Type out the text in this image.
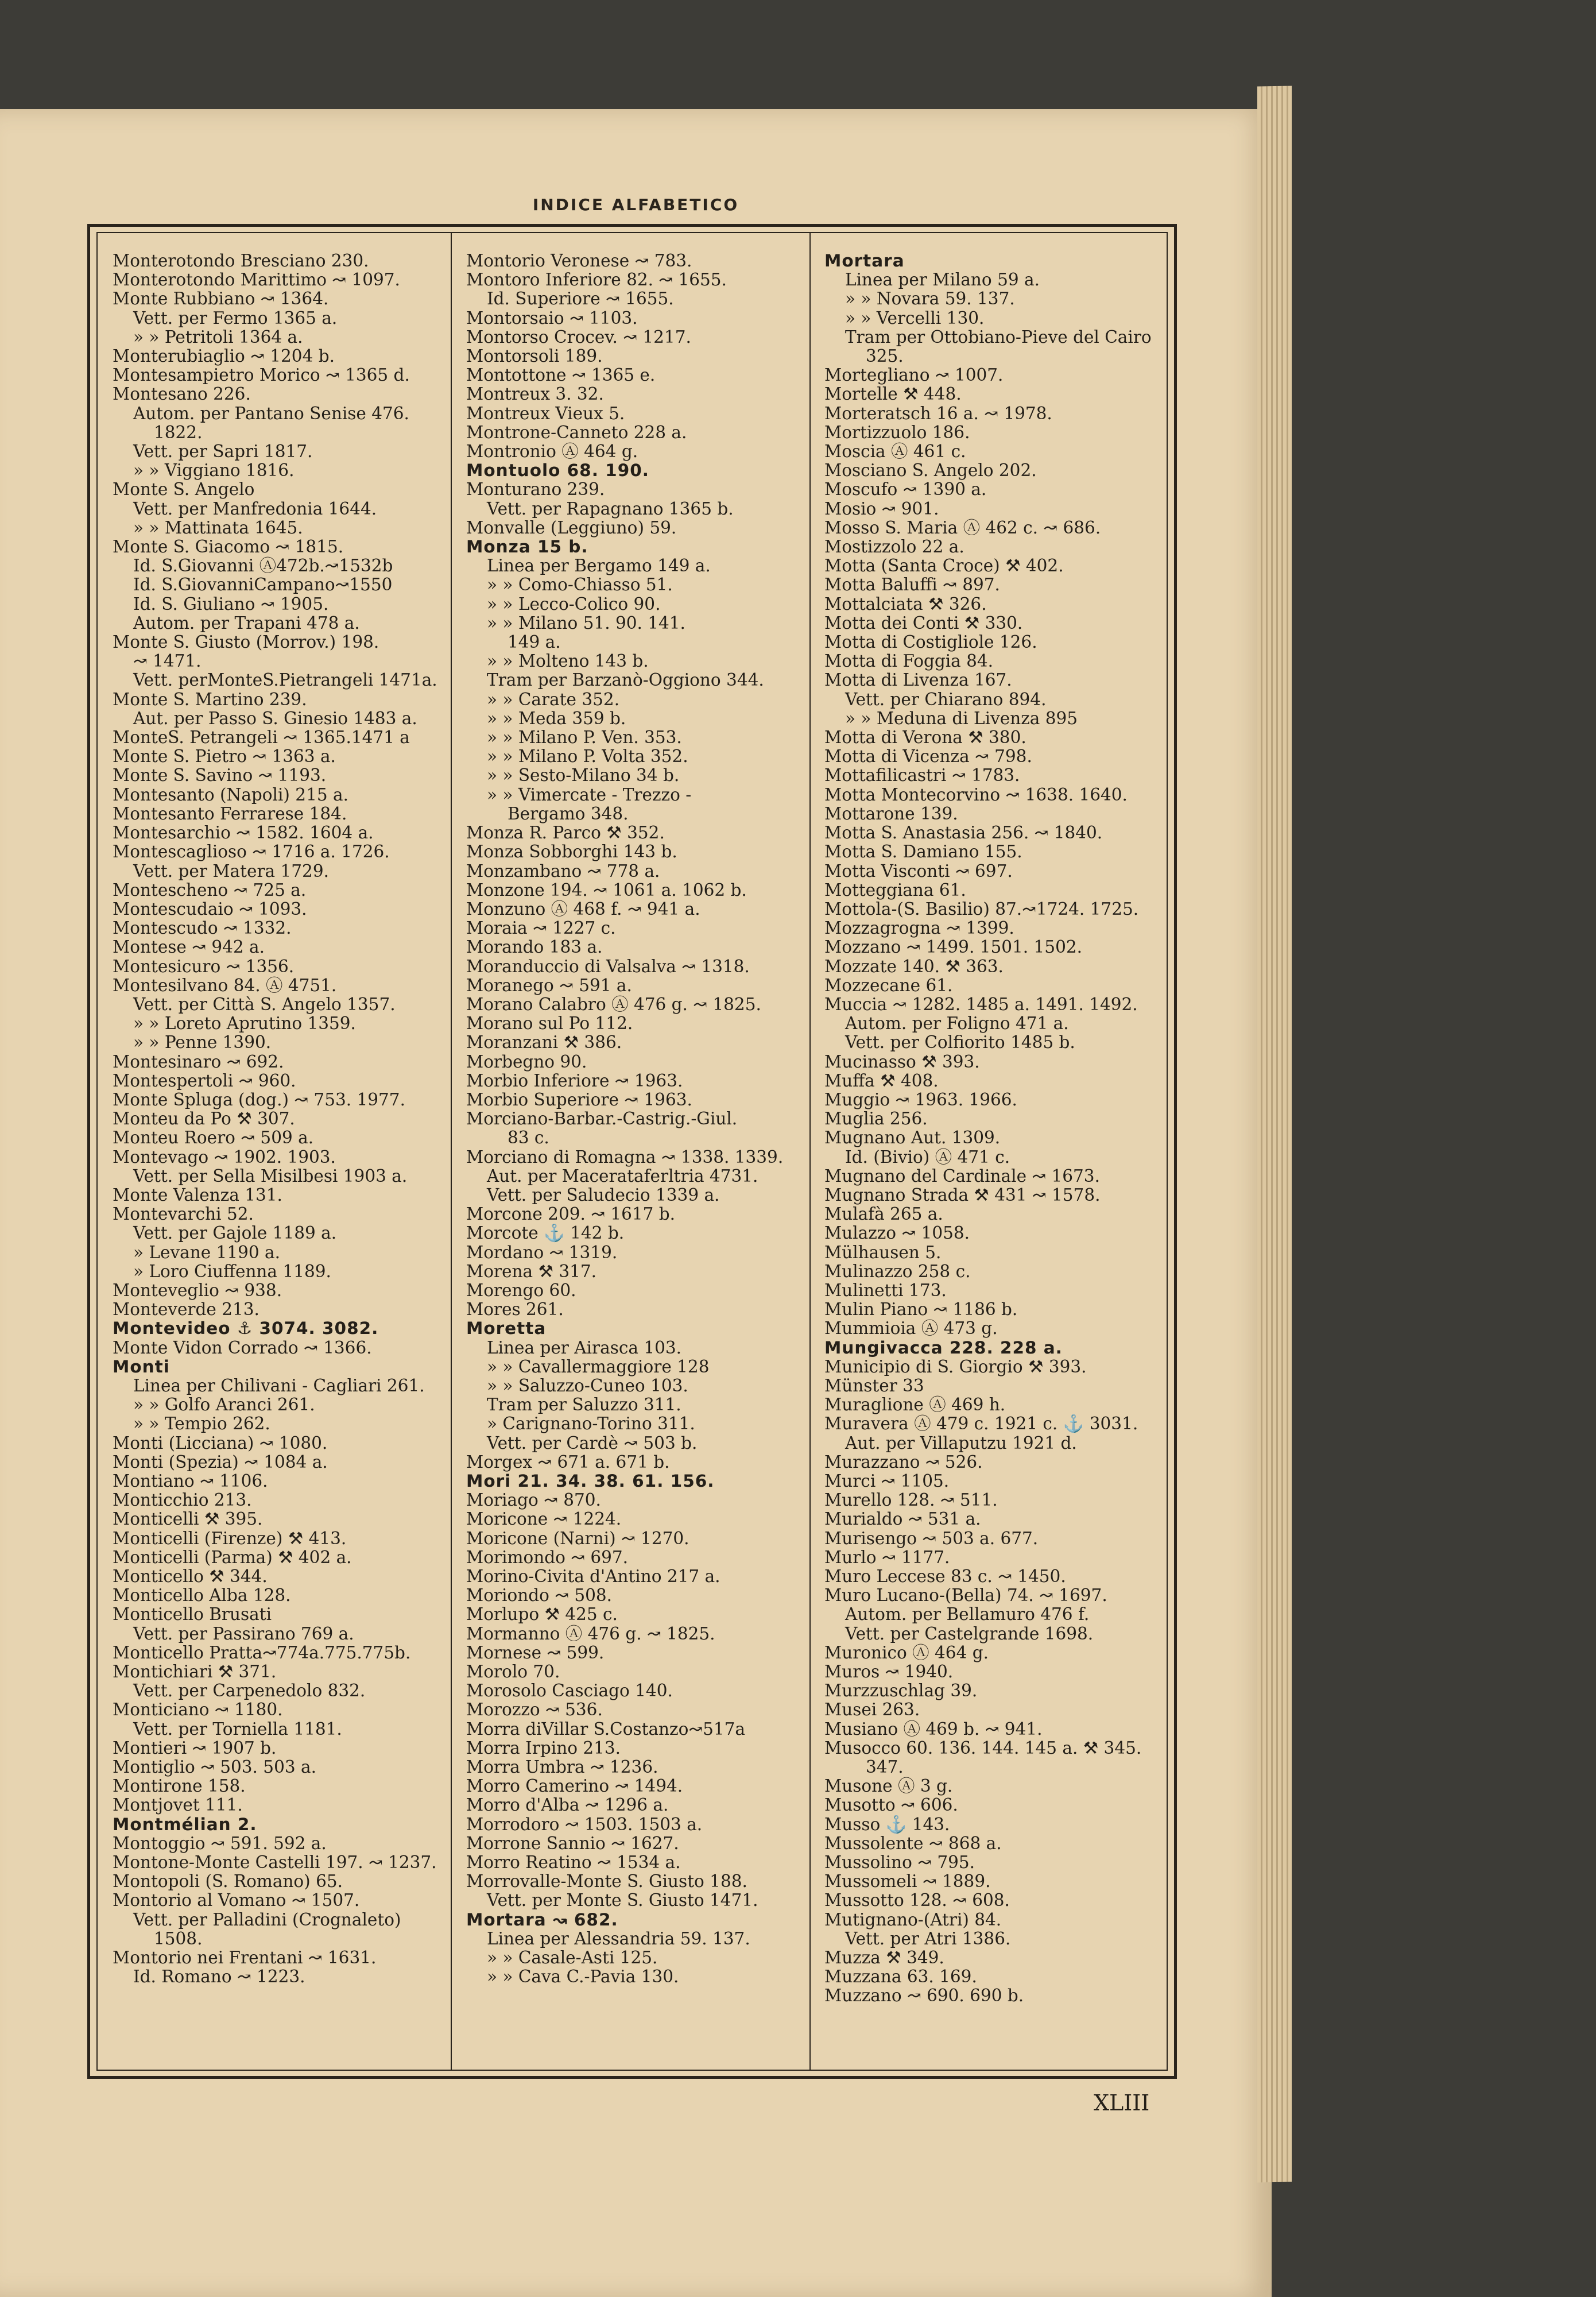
INDICE ALFABETICO
Monterotondo Bresciano 230.
Monterotondo Marittimo ↝ 1097.
Monte Rubbiano ↝ 1364.
Vett. per Fermo 1365 a.
» » Petritoli 1364 a.
Monterubiaglio ↝ 1204 b.
Montesampietro Morico ↝ 1365 d.
Montesano 226.
Autom. per Pantano Senise 476.
1822.
Vett. per Sapri 1817.
» » Viggiano 1816.
Monte S. Angelo
Vett. per Manfredonia 1644.
» » Mattinata 1645.
Monte S. Giacomo ↝ 1815.
Id. S.Giovanni Ⓐ472b.↝1532b
Id. S.GiovanniCampano↝1550
Id. S. Giuliano ↝ 1905.
Autom. per Trapani 478 a.
Monte S. Giusto (Morrov.) 198.
↝ 1471.
Vett. perMonteS.Pietrangeli 1471a.
Monte S. Martino 239.
Aut. per Passo S. Ginesio 1483 a.
MonteS. Petrangeli ↝ 1365.1471 a
Monte S. Pietro ↝ 1363 a.
Monte S. Savino ↝ 1193.
Montesanto (Napoli) 215 a.
Montesanto Ferrarese 184.
Montesarchio ↝ 1582. 1604 a.
Montescaglioso ↝ 1716 a. 1726.
Vett. per Matera 1729.
Montescheno ↝ 725 a.
Montescudaio ↝ 1093.
Montescudo ↝ 1332.
Montese ↝ 942 a.
Montesicuro ↝ 1356.
Montesilvano 84. Ⓐ 4751.
Vett. per Città S. Angelo 1357.
» » Loreto Aprutino 1359.
» » Penne 1390.
Montesinaro ↝ 692.
Montespertoli ↝ 960.
Monte Spluga (dog.) ↝ 753. 1977.
Monteu da Po ⚒ 307.
Monteu Roero ↝ 509 a.
Montevago ↝ 1902. 1903.
Vett. per Sella Misilbesi 1903 a.
Monte Valenza 131.
Montevarchi 52.
Vett. per Gajole 1189 a.
» Levane 1190 a.
» Loro Ciuffenna 1189.
Monteveglio ↝ 938.
Monteverde 213.
Montevideo ⚓ 3074. 3082.
Monte Vidon Corrado ↝ 1366.
Monti
Linea per Chilivani - Cagliari 261.
» » Golfo Aranci 261.
» » Tempio 262.
Monti (Licciana) ↝ 1080.
Monti (Spezia) ↝ 1084 a.
Montiano ↝ 1106.
Monticchio 213.
Monticelli ⚒ 395.
Monticelli (Firenze) ⚒ 413.
Monticelli (Parma) ⚒ 402 a.
Monticello ⚒ 344.
Monticello Alba 128.
Monticello Brusati
Vett. per Passirano 769 a.
Monticello Pratta↝774a.775.775b.
Montichiari ⚒ 371.
Vett. per Carpenedolo 832.
Monticiano ↝ 1180.
Vett. per Torniella 1181.
Montieri ↝ 1907 b.
Montiglio ↝ 503. 503 a.
Montirone 158.
Montjovet 111.
Montmélian 2.
Montoggio ↝ 591. 592 a.
Montone-Monte Castelli 197. ↝ 1237.
Montopoli (S. Romano) 65.
Montorio al Vomano ↝ 1507.
Vett. per Palladini (Crognaleto)
1508.
Montorio nei Frentani ↝ 1631.
Id. Romano ↝ 1223.
Montorio Veronese ↝ 783.
Montoro Inferiore 82. ↝ 1655.
Id. Superiore ↝ 1655.
Montorsaio ↝ 1103.
Montorso Crocev. ↝ 1217.
Montorsoli 189.
Montottone ↝ 1365 e.
Montreux 3. 32.
Montreux Vieux 5.
Montrone-Canneto 228 a.
Montronio Ⓐ 464 g.
Montuolo 68. 190.
Monturano 239.
Vett. per Rapagnano 1365 b.
Monvalle (Leggiuno) 59.
Monza 15 b.
Linea per Bergamo 149 a.
» » Como-Chiasso 51.
» » Lecco-Colico 90.
» » Milano 51. 90. 141.
149 a.
» » Molteno 143 b.
Tram per Barzanò-Oggiono 344.
» » Carate 352.
» » Meda 359 b.
» » Milano P. Ven. 353.
» » Milano P. Volta 352.
» » Sesto-Milano 34 b.
» » Vimercate - Trezzo -
Bergamo 348.
Monza R. Parco ⚒ 352.
Monza Sobborghi 143 b.
Monzambano ↝ 778 a.
Monzone 194. ↝ 1061 a. 1062 b.
Monzuno Ⓐ 468 f. ↝ 941 a.
Moraia ↝ 1227 c.
Morando 183 a.
Moranduccio di Valsalva ↝ 1318.
Moranego ↝ 591 a.
Morano Calabro Ⓐ 476 g. ↝ 1825.
Morano sul Po 112.
Moranzani ⚒ 386.
Morbegno 90.
Morbio Inferiore ↝ 1963.
Morbio Superiore ↝ 1963.
Morciano-Barbar.-Castrig.-Giul.
83 c.
Morciano di Romagna ↝ 1338. 1339.
Aut. per Macerataferltria 4731.
Vett. per Saludecio 1339 a.
Morcone 209. ↝ 1617 b.
Morcote ⚓ 142 b.
Mordano ↝ 1319.
Morena ⚒ 317.
Morengo 60.
Mores 261.
Moretta
Linea per Airasca 103.
» » Cavallermaggiore 128
» » Saluzzo-Cuneo 103.
Tram per Saluzzo 311.
» Carignano-Torino 311.
Vett. per Cardè ↝ 503 b.
Morgex ↝ 671 a. 671 b.
Mori 21. 34. 38. 61. 156.
Moriago ↝ 870.
Moricone ↝ 1224.
Moricone (Narni) ↝ 1270.
Morimondo ↝ 697.
Morino-Civita d'Antino 217 a.
Moriondo ↝ 508.
Morlupo ⚒ 425 c.
Mormanno Ⓐ 476 g. ↝ 1825.
Mornese ↝ 599.
Morolo 70.
Morosolo Casciago 140.
Morozzo ↝ 536.
Morra diVillar S.Costanzo↝517a
Morra Irpino 213.
Morra Umbra ↝ 1236.
Morro Camerino ↝ 1494.
Morro d'Alba ↝ 1296 a.
Morrodoro ↝ 1503. 1503 a.
Morrone Sannio ↝ 1627.
Morro Reatino ↝ 1534 a.
Morrovalle-Monte S. Giusto 188.
Vett. per Monte S. Giusto 1471.
Mortara ↝ 682.
Linea per Alessandria 59. 137.
» » Casale-Asti 125.
» » Cava C.-Pavia 130.
Mortara
Linea per Milano 59 a.
» » Novara 59. 137.
» » Vercelli 130.
Tram per Ottobiano-Pieve del Cairo
325.
Mortegliano ↝ 1007.
Mortelle ⚒ 448.
Morteratsch 16 a. ↝ 1978.
Mortizzuolo 186.
Moscia Ⓐ 461 c.
Mosciano S. Angelo 202.
Moscufo ↝ 1390 a.
Mosio ↝ 901.
Mosso S. Maria Ⓐ 462 c. ↝ 686.
Mostizzolo 22 a.
Motta (Santa Croce) ⚒ 402.
Motta Baluffi ↝ 897.
Mottalciata ⚒ 326.
Motta dei Conti ⚒ 330.
Motta di Costigliole 126.
Motta di Foggia 84.
Motta di Livenza 167.
Vett. per Chiarano 894.
» » Meduna di Livenza 895
Motta di Verona ⚒ 380.
Motta di Vicenza ↝ 798.
Mottafilicastri ↝ 1783.
Motta Montecorvino ↝ 1638. 1640.
Mottarone 139.
Motta S. Anastasia 256. ↝ 1840.
Motta S. Damiano 155.
Motta Visconti ↝ 697.
Motteggiana 61.
Mottola-(S. Basilio) 87.↝1724. 1725.
Mozzagrogna ↝ 1399.
Mozzano ↝ 1499. 1501. 1502.
Mozzate 140. ⚒ 363.
Mozzecane 61.
Muccia ↝ 1282. 1485 a. 1491. 1492.
Autom. per Foligno 471 a.
Vett. per Colfiorito 1485 b.
Mucinasso ⚒ 393.
Muffa ⚒ 408.
Muggio ↝ 1963. 1966.
Muglia 256.
Mugnano Aut. 1309.
Id. (Bivio) Ⓐ 471 c.
Mugnano del Cardinale ↝ 1673.
Mugnano Strada ⚒ 431 ↝ 1578.
Mulafà 265 a.
Mulazzo ↝ 1058.
Mülhausen 5.
Mulinazzo 258 c.
Mulinetti 173.
Mulin Piano ↝ 1186 b.
Mummioia Ⓐ 473 g.
Mungivacca 228. 228 a.
Municipio di S. Giorgio ⚒ 393.
Münster 33
Muraglione Ⓐ 469 h.
Muravera Ⓐ 479 c. 1921 c. ⚓ 3031.
Aut. per Villaputzu 1921 d.
Murazzano ↝ 526.
Murci ↝ 1105.
Murello 128. ↝ 511.
Murialdo ↝ 531 a.
Murisengo ↝ 503 a. 677.
Murlo ↝ 1177.
Muro Leccese 83 c. ↝ 1450.
Muro Lucano-(Bella) 74. ↝ 1697.
Autom. per Bellamuro 476 f.
Vett. per Castelgrande 1698.
Muronico Ⓐ 464 g.
Muros ↝ 1940.
Murzzuschlag 39.
Musei 263.
Musiano Ⓐ 469 b. ↝ 941.
Musocco 60. 136. 144. 145 a. ⚒ 345.
347.
Musone Ⓐ 3 g.
Musotto ↝ 606.
Musso ⚓ 143.
Mussolente ↝ 868 a.
Mussolino ↝ 795.
Mussomeli ↝ 1889.
Mussotto 128. ↝ 608.
Mutignano-(Atri) 84.
Vett. per Atri 1386.
Muzza ⚒ 349.
Muzzana 63. 169.
Muzzano ↝ 690. 690 b.
XLIII
